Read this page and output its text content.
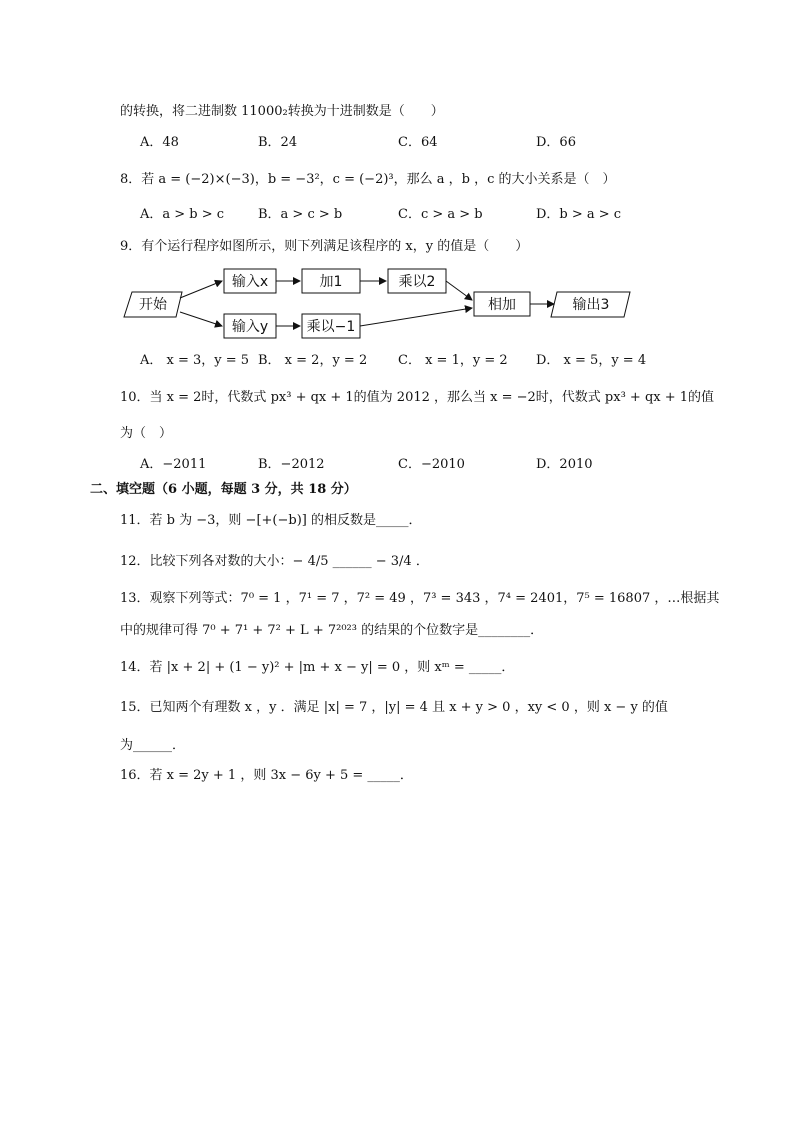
的转换，将二进制数 11000₂转换为十进制数是（　　）
A．48	B．24	C．64	D．66
8．若 a = (−2)×(−3)，b = −3²，c = (−2)³，那么 a ，b ，c 的大小关系是（　）
A．a > b > c	B．a > c > b	C．c > a > b	D．b > a > c
9．有个运行程序如图所示，则下列满足该程序的 x，y 的值是（　　）
开始
输入x
输入y
加1
乘以−1
乘以2
相加	输出3
A． x = 3，y = 5 B． x = 2，y = 2 C． x = 1，y = 2 D． x = 5，y = 4
10．当 x = 2时，代数式 px³ + qx + 1的值为 2012 ，那么当 x = −2时，代数式 px³ + qx + 1的值
为（　）
A．−2011	B．−2012	C．−2010	D．2010
二、填空题（6 小题，每题 3 分，共 18 分）
11．若 b 为 −3，则 −[+(−b)] 的相反数是_____．
12．比较下列各对数的大小：− 4/5 ______ − 3/4 ．
13．观察下列等式：7⁰ = 1 ，7¹ = 7 ，7² = 49 ，7³ = 343 ，7⁴ = 2401，7⁵ = 16807 ，…根据其
中的规律可得 7⁰ + 7¹ + 7² + L + 7²⁰²³ 的结果的个位数字是________．
14．若 |x + 2| + (1 − y)² + |m + x − y| = 0 ，则 xᵐ = _____．
15．已知两个有理数 x ，y ．满足 |x| = 7 ，|y| = 4 且 x + y > 0 ，xy < 0 ，则 x − y 的值
为______．
16．若 x = 2y + 1 ，则 3x − 6y + 5 = _____．
